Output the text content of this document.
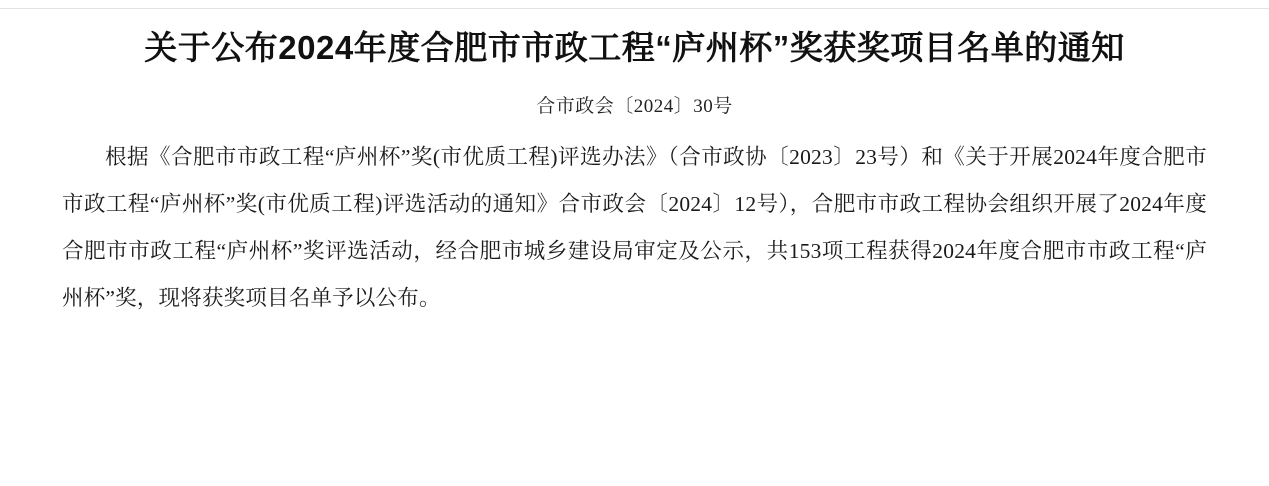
关于公布2024年度合肥市市政工程“庐州杯”奖获奖项目名单的通知

合市政会〔2024〕30号

根据《合肥市市政工程“庐州杯”奖(市优质工程)评选办法》（合市政协〔2023〕23号）和《关于开展2024年度合肥市市政工程“庐州杯”奖(市优质工程)评选活动的通知》合市政会〔2024〕12号），合肥市市政工程协会组织开展了2024年度合肥市市政工程“庐州杯”奖评选活动，经合肥市城乡建设局审定及公示，共153项工程获得2024年度合肥市市政工程“庐州杯”奖，现将获奖项目名单予以公布。
